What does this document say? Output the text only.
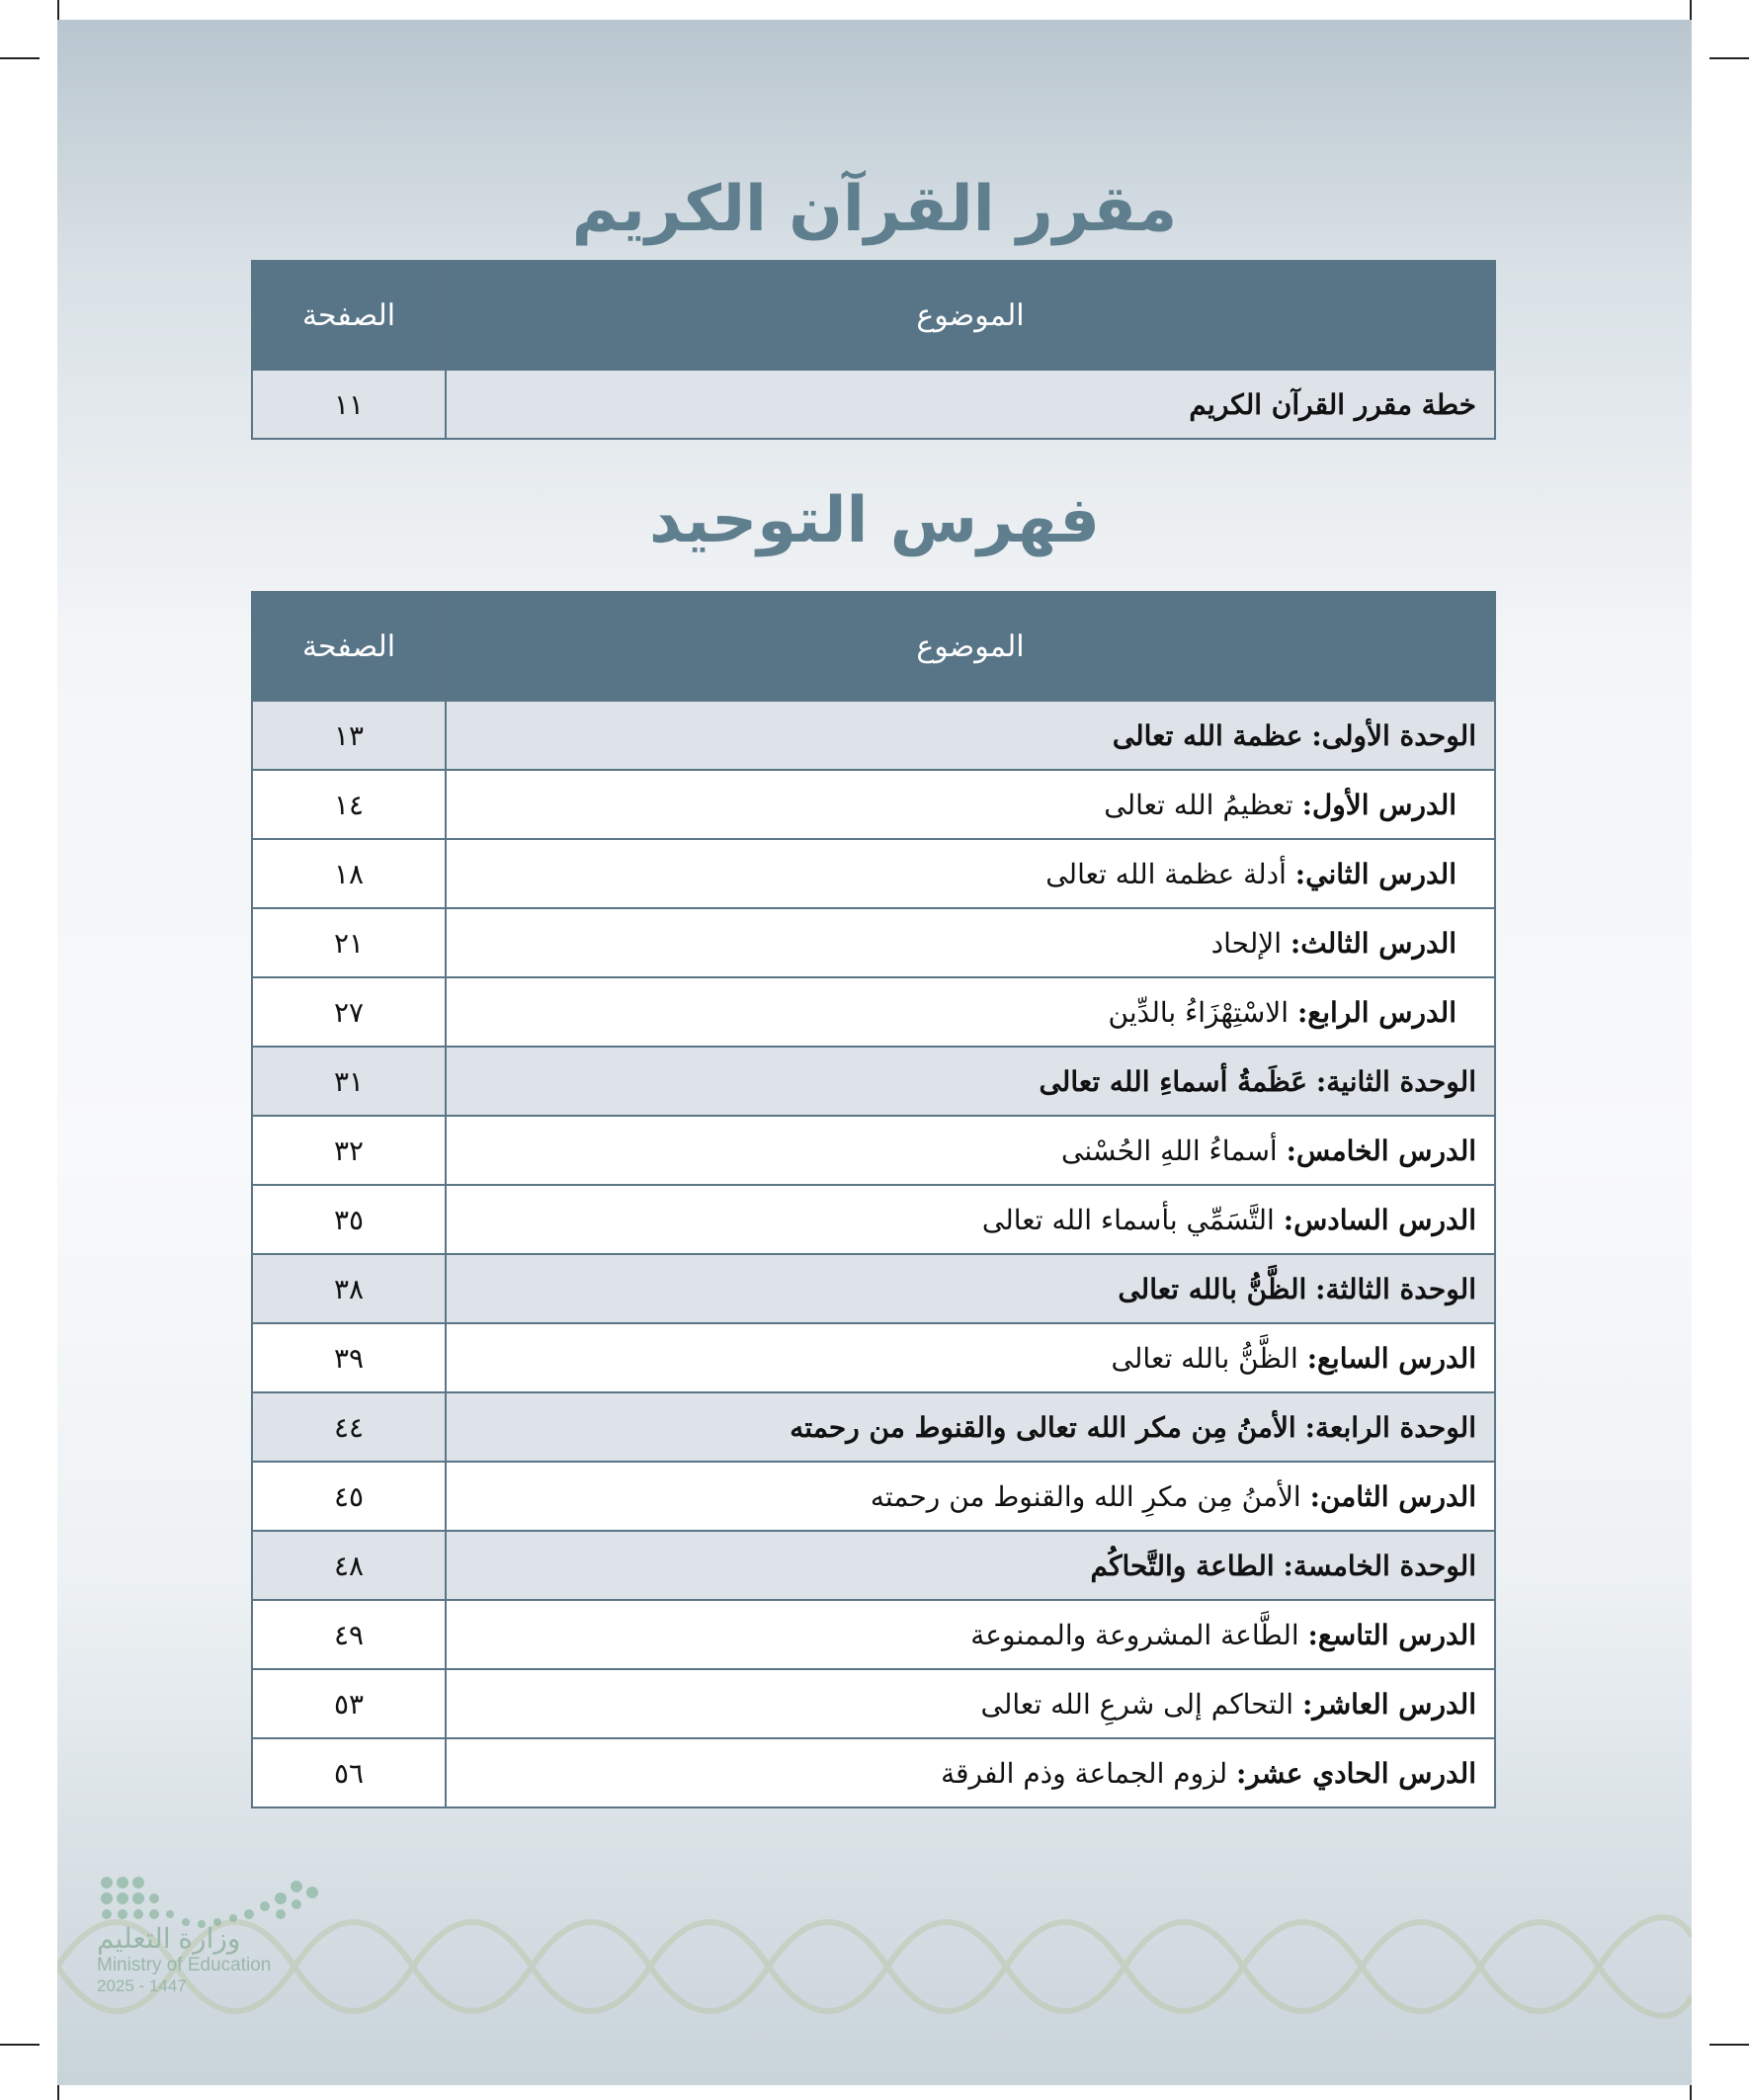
مقرر القرآن الكريم
الموضوع	الصفحة
خطة مقرر القرآن الكريم	١١
فهرس التوحيد
الموضوع	الصفحة
الوحدة الأولى: عظمة الله تعالى	١٣
الدرس الأول: تعظيمُ الله تعالى	١٤
الدرس الثاني: أدلة عظمة الله تعالى	١٨
الدرس الثالث: الإلحاد	٢١
الدرس الرابع: الاسْتِهْزَاءُ بالدِّين	٢٧
الوحدة الثانية: عَظَمةُ أسماءِ الله تعالى	٣١
الدرس الخامس: أسماءُ اللهِ الحُسْنى	٣٢
الدرس السادس: التَّسَمِّي بأسماء الله تعالى	٣٥
الوحدة الثالثة: الظَّنُّ بالله تعالى	٣٨
الدرس السابع: الظَّنُّ بالله تعالى	٣٩
الوحدة الرابعة: الأمنُ مِن مكر الله تعالى والقنوط من رحمته	٤٤
الدرس الثامن: الأمنُ مِن مكرِ الله والقنوط من رحمته	٤٥
الوحدة الخامسة: الطاعة والتَّحاكُم	٤٨
الدرس التاسع: الطَّاعة المشروعة والممنوعة	٤٩
الدرس العاشر: التحاكم إلى شرعِ الله تعالى	٥٣
الدرس الحادي عشر: لزوم الجماعة وذم الفرقة	٥٦
وزارة التعليم
Ministry of Education
2025 - 1447
